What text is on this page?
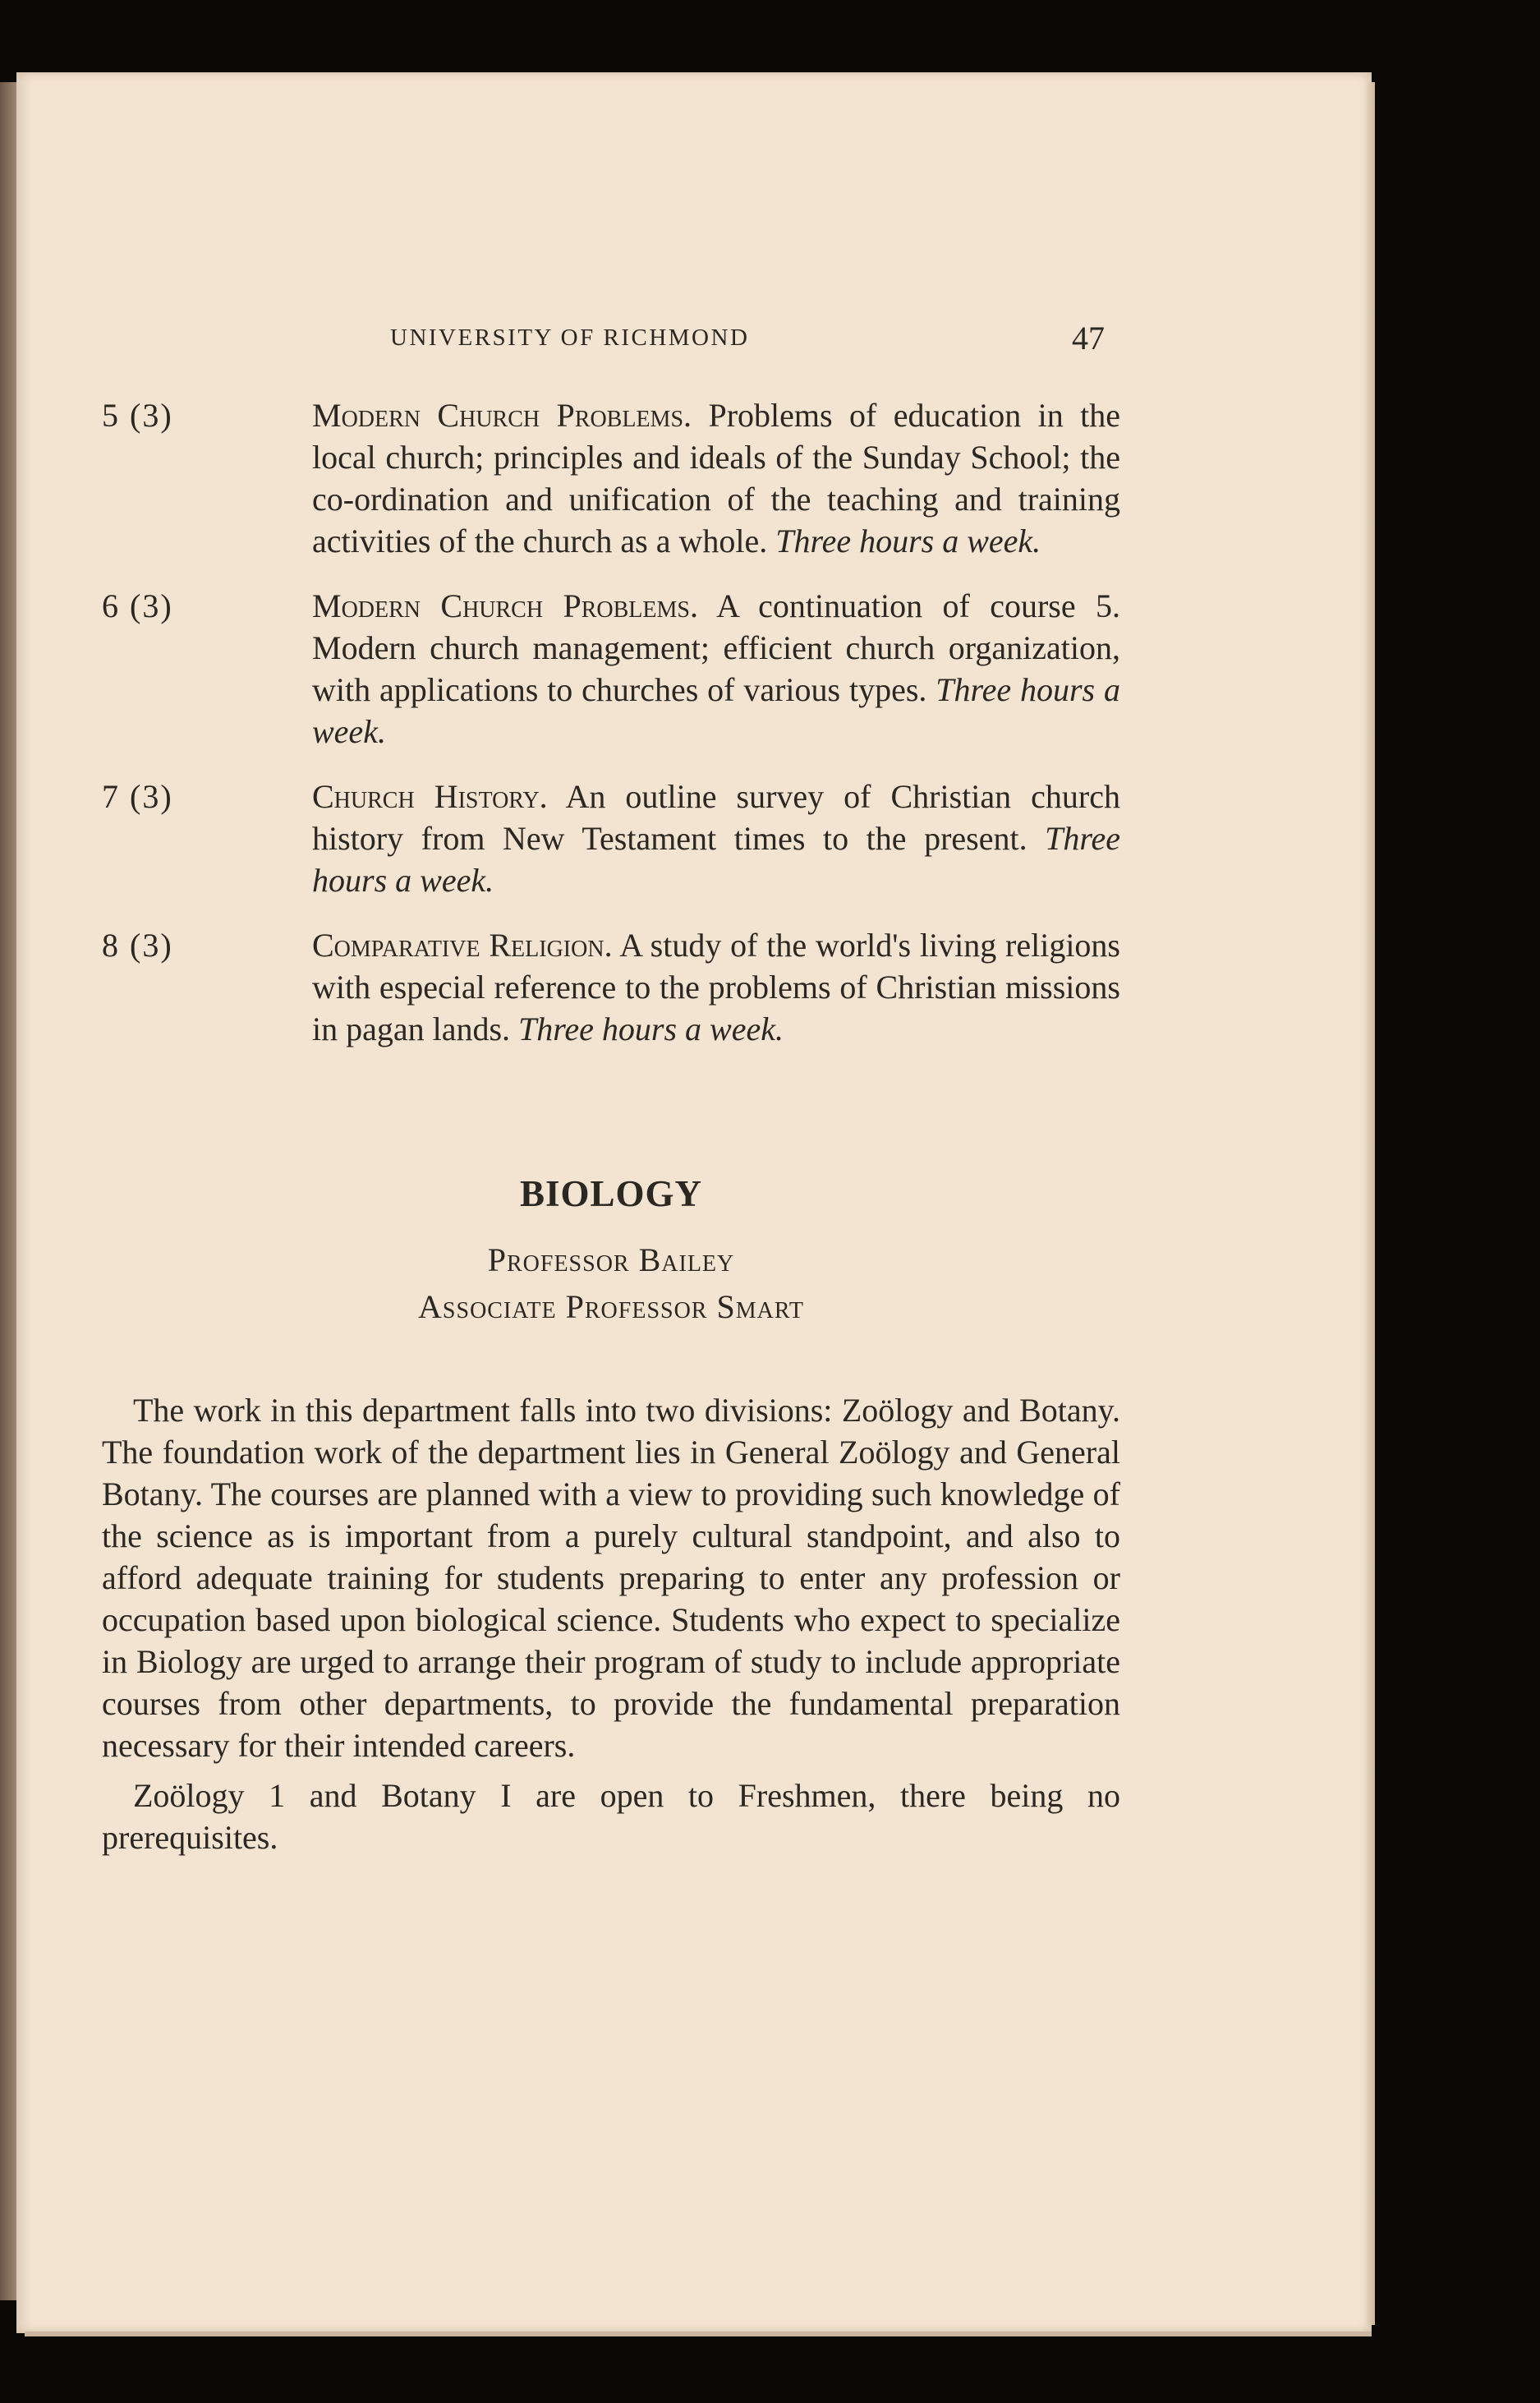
UNIVERSITY OF RICHMOND	47
5 (3)	Modern Church Problems. Problems of education in the local church; principles and ideals of the Sunday School; the co-ordination and unification of the teaching and training activities of the church as a whole. Three hours a week.
6 (3)	Modern Church Problems. A continuation of course 5. Modern church management; efficient church organization, with applications to churches of various types. Three hours a week.
7 (3)	Church History. An outline survey of Christian church history from New Testament times to the present. Three hours a week.
8 (3)	Comparative Religion. A study of the world's living religions with especial reference to the problems of Christian missions in pagan lands. Three hours a week.
BIOLOGY
Professor Bailey
Associate Professor Smart

The work in this department falls into two divisions: Zoölogy and Botany. The foundation work of the department lies in General Zoölogy and General Botany. The courses are planned with a view to providing such knowledge of the science as is important from a purely cultural standpoint, and also to afford adequate training for students preparing to enter any profession or occupation based upon biological science. Students who expect to specialize in Biology are urged to arrange their program of study to include appropriate courses from other departments, to provide the fundamental preparation necessary for their intended careers.

Zoölogy 1 and Botany I are open to Freshmen, there being no prerequisites.
